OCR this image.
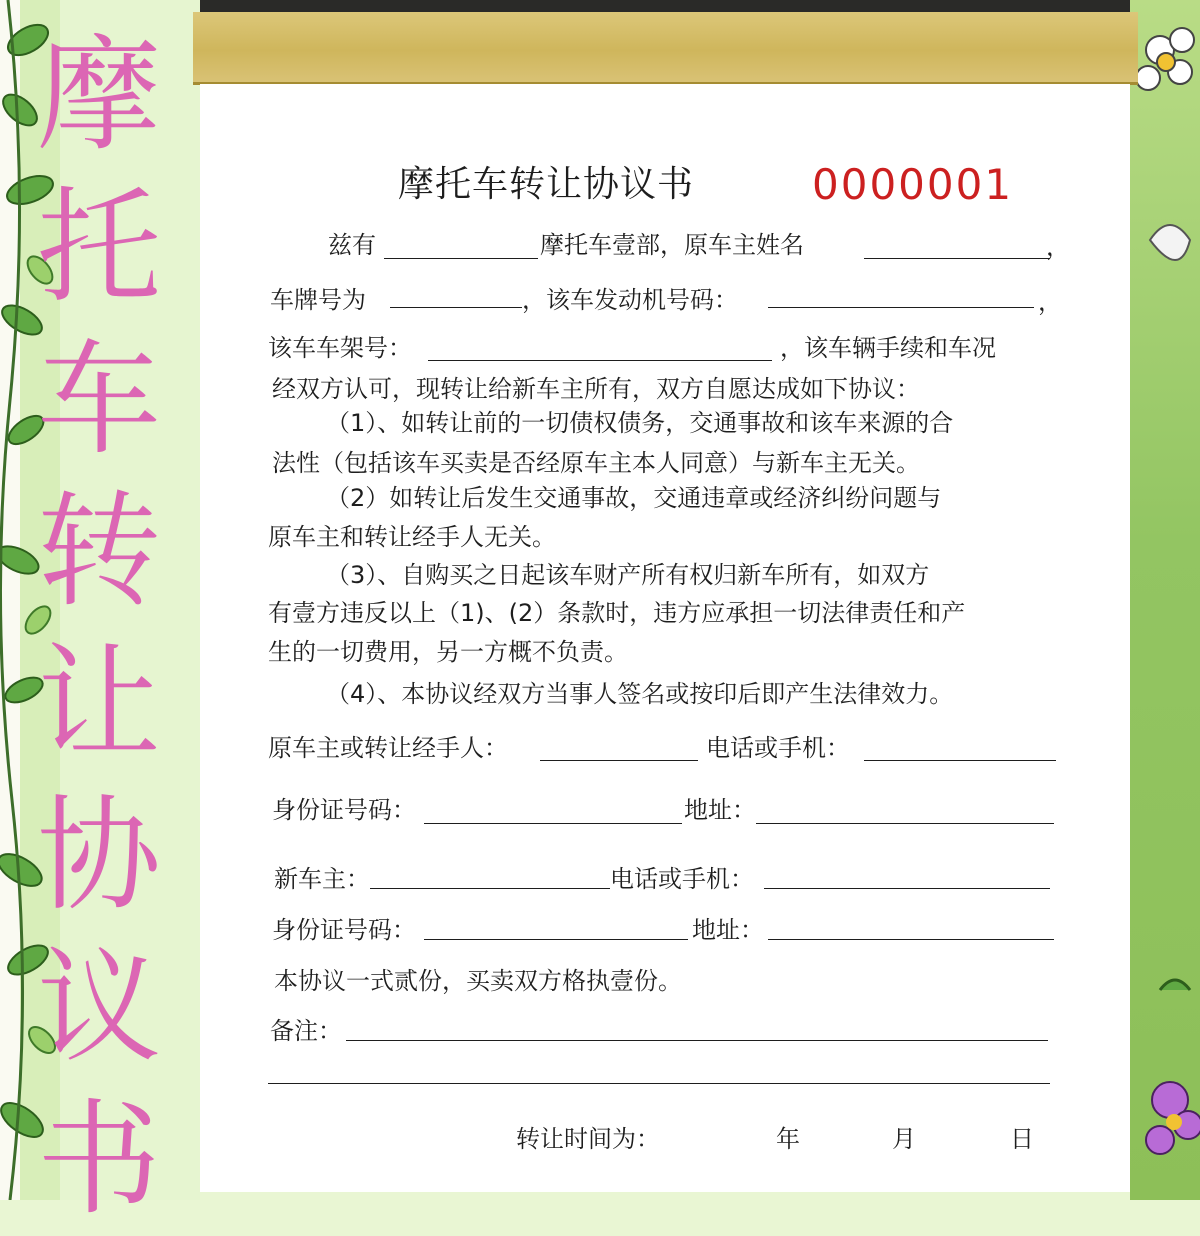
摩
托
车
转
让
协
议
书
摩托车转让协议书	0000001
兹有	摩托车壹部，原车主姓名	，
车牌号为	，该车发动机号码：	，
该车车架号：	，该车辆手续和车况
经双方认可，现转让给新车主所有，双方自愿达成如下协议：
（1）、如转让前的一切债权债务，交通事故和该车来源的合
法性（包括该车买卖是否经原车主本人同意）与新车主无关。
（2）如转让后发生交通事故，交通违章或经济纠纷问题与
原车主和转让经手人无关。
（3）、自购买之日起该车财产所有权归新车所有，如双方
有壹方违反以上（1)、(2）条款时，违方应承担一切法律责任和产
生的一切费用，另一方概不负责。
（4）、本协议经双方当事人签名或按印后即产生法律效力。
原车主或转让经手人：	电话或手机：
身份证号码：	地址：
新车主：	电话或手机：
身份证号码：	地址：
本协议一式贰份，买卖双方格执壹份。
备注：
转让时间为：	年	月	日
